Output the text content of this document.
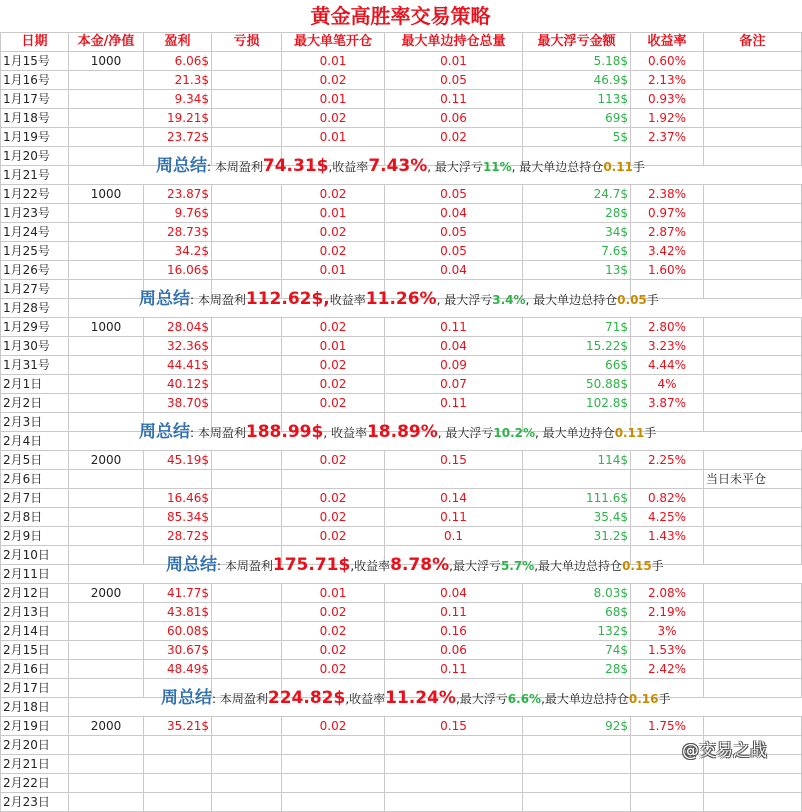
黄金高胜率交易策略
日期	本金/净值	盈利	亏损	最大单笔开仓	最大单边持仓总量	最大浮亏金额	收益率	备注
1月15号	1000	6.06$		0.01	0.01	5.18$	0.60%	
1月16号		21.3$		0.02	0.05	46.9$	2.13%	
1月17号		9.34$		0.01	0.11	113$	0.93%	
1月18号		19.21$		0.02	0.06	69$	1.92%	
1月19号		23.72$		0.01	0.02	5$	2.37%	
1月20号								
1月21号	周总结: 本周盈利74.31$,收益率7.43%, 最大浮亏11%, 最大单边总持仓0.11手							

1月22号	1000	23.87$		0.02	0.05	24.7$	2.38%	
1月23号		9.76$		0.01	0.04	28$	0.97%	
1月24号		28.73$		0.02	0.05	34$	2.87%	
1月25号		34.2$		0.02	0.05	7.6$	3.42%	
1月26号		16.06$		0.01	0.04	13$	1.60%	
1月27号								
1月28号	周总结: 本周盈利112.62$,收益率11.26%, 最大浮亏3.4%, 最大单边总持仓0.05手							

1月29号	1000	28.04$		0.02	0.11	71$	2.80%	
1月30号		32.36$		0.01	0.04	15.22$	3.23%	
1月31号		44.41$		0.02	0.09	66$	4.44%	
2月1日		40.12$		0.02	0.07	50.88$	4%	
2月2日		38.70$		0.02	0.11	102.8$	3.87%	
2月3日								
2月4日	周总结: 本周盈利188.99$, 收益率18.89%, 最大浮亏10.2%, 最大单边持仓0.11手							

2月5日	2000	45.19$		0.02	0.15	114$	2.25%	
2月6日								当日未平仓
2月7日		16.46$		0.02	0.14	111.6$	0.82%	
2月8日		85.34$		0.02	0.11	35.4$	4.25%	
2月9日		28.72$		0.02	0.1	31.2$	1.43%	
2月10日								
2月11日	周总结: 本周盈利175.71$,收益率8.78%,最大浮亏5.7%,最大单边总持仓0.15手							

2月12日	2000	41.77$		0.01	0.04	8.03$	2.08%	
2月13日		43.81$		0.02	0.11	68$	2.19%	
2月14日		60.08$		0.02	0.16	132$	3%	
2月15日		30.67$		0.02	0.06	74$	1.53%	
2月16日		48.49$		0.02	0.11	28$	2.42%	
2月17日								
2月18日	周总结: 本周盈利224.82$,收益率11.24%,最大浮亏6.6%,最大单边总持仓0.16手							

2月19日	2000	35.21$		0.02	0.15	92$	1.75%	
2月20日								
2月21日								
2月22日								
2月23日								
@交易之战
